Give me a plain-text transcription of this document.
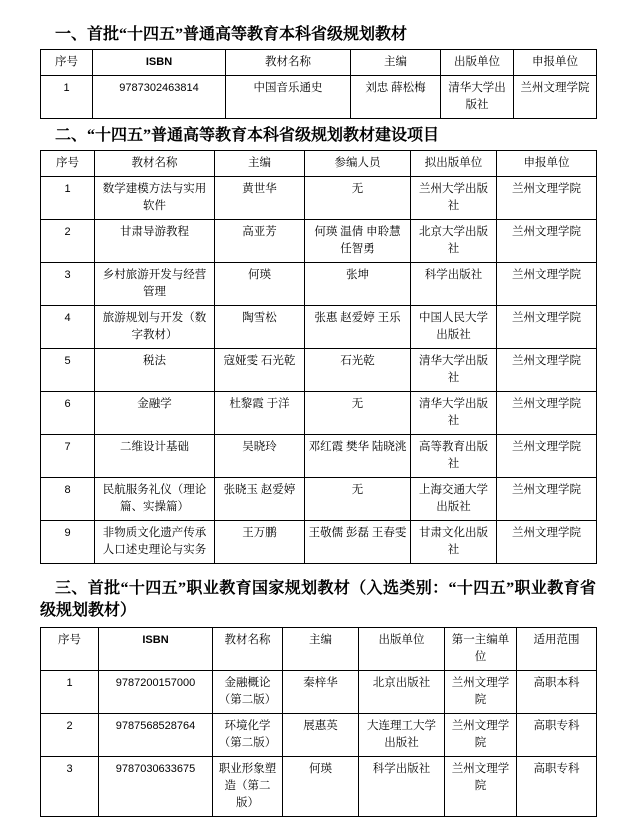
一、首批“十四五”普通高等教育本科省级规划教材

序号	ISBN	教材名称	主编	出版单位	申报单位
1	9787302463814	中国音乐通史	刘忠 薛松梅	清华大学出版社	兰州文理学院

二、“十四五”普通高等教育本科省级规划教材建设项目

序号	教材名称	主编	参编人员	拟出版单位	申报单位
1	数学建模方法与实用软件	黄世华	无	兰州大学出版社	兰州文理学院
2	甘肃导游教程	高亚芳	何瑛 温倩 申聆慧 任智勇	北京大学出版社	兰州文理学院
3	乡村旅游开发与经营管理	何瑛	张坤	科学出版社	兰州文理学院
4	旅游规划与开发（数字教材）	陶雪松	张惠 赵爱婷 王乐	中国人民大学出版社	兰州文理学院
5	税法	寇娅雯 石光乾	石光乾	清华大学出版社	兰州文理学院
6	金融学	杜黎霞 于洋	无	清华大学出版社	兰州文理学院
7	二维设计基础	吴晓玲	邓红霞 樊华 陆晓洮	高等教育出版社	兰州文理学院
8	民航服务礼仪（理论篇、实操篇）	张晓玉 赵爱婷	无	上海交通大学出版社	兰州文理学院
9	非物质文化遗产传承人口述史理论与实务	王万鹏	王敬儒 彭磊 王春雯	甘肃文化出版社	兰州文理学院

三、首批“十四五”职业教育国家规划教材（入选类别：“十四五”职业教育省级规划教材）

序号	ISBN	教材名称	主编	出版单位	第一主编单位	适用范围
1	9787200157000	金融概论（第二版）	秦梓华	北京出版社	兰州文理学院	高职本科
2	9787568528764	环境化学（第二版）	展惠英	大连理工大学出版社	兰州文理学院	高职专科
3	9787030633675	职业形象塑造（第二版）	何瑛	科学出版社	兰州文理学院	高职专科
